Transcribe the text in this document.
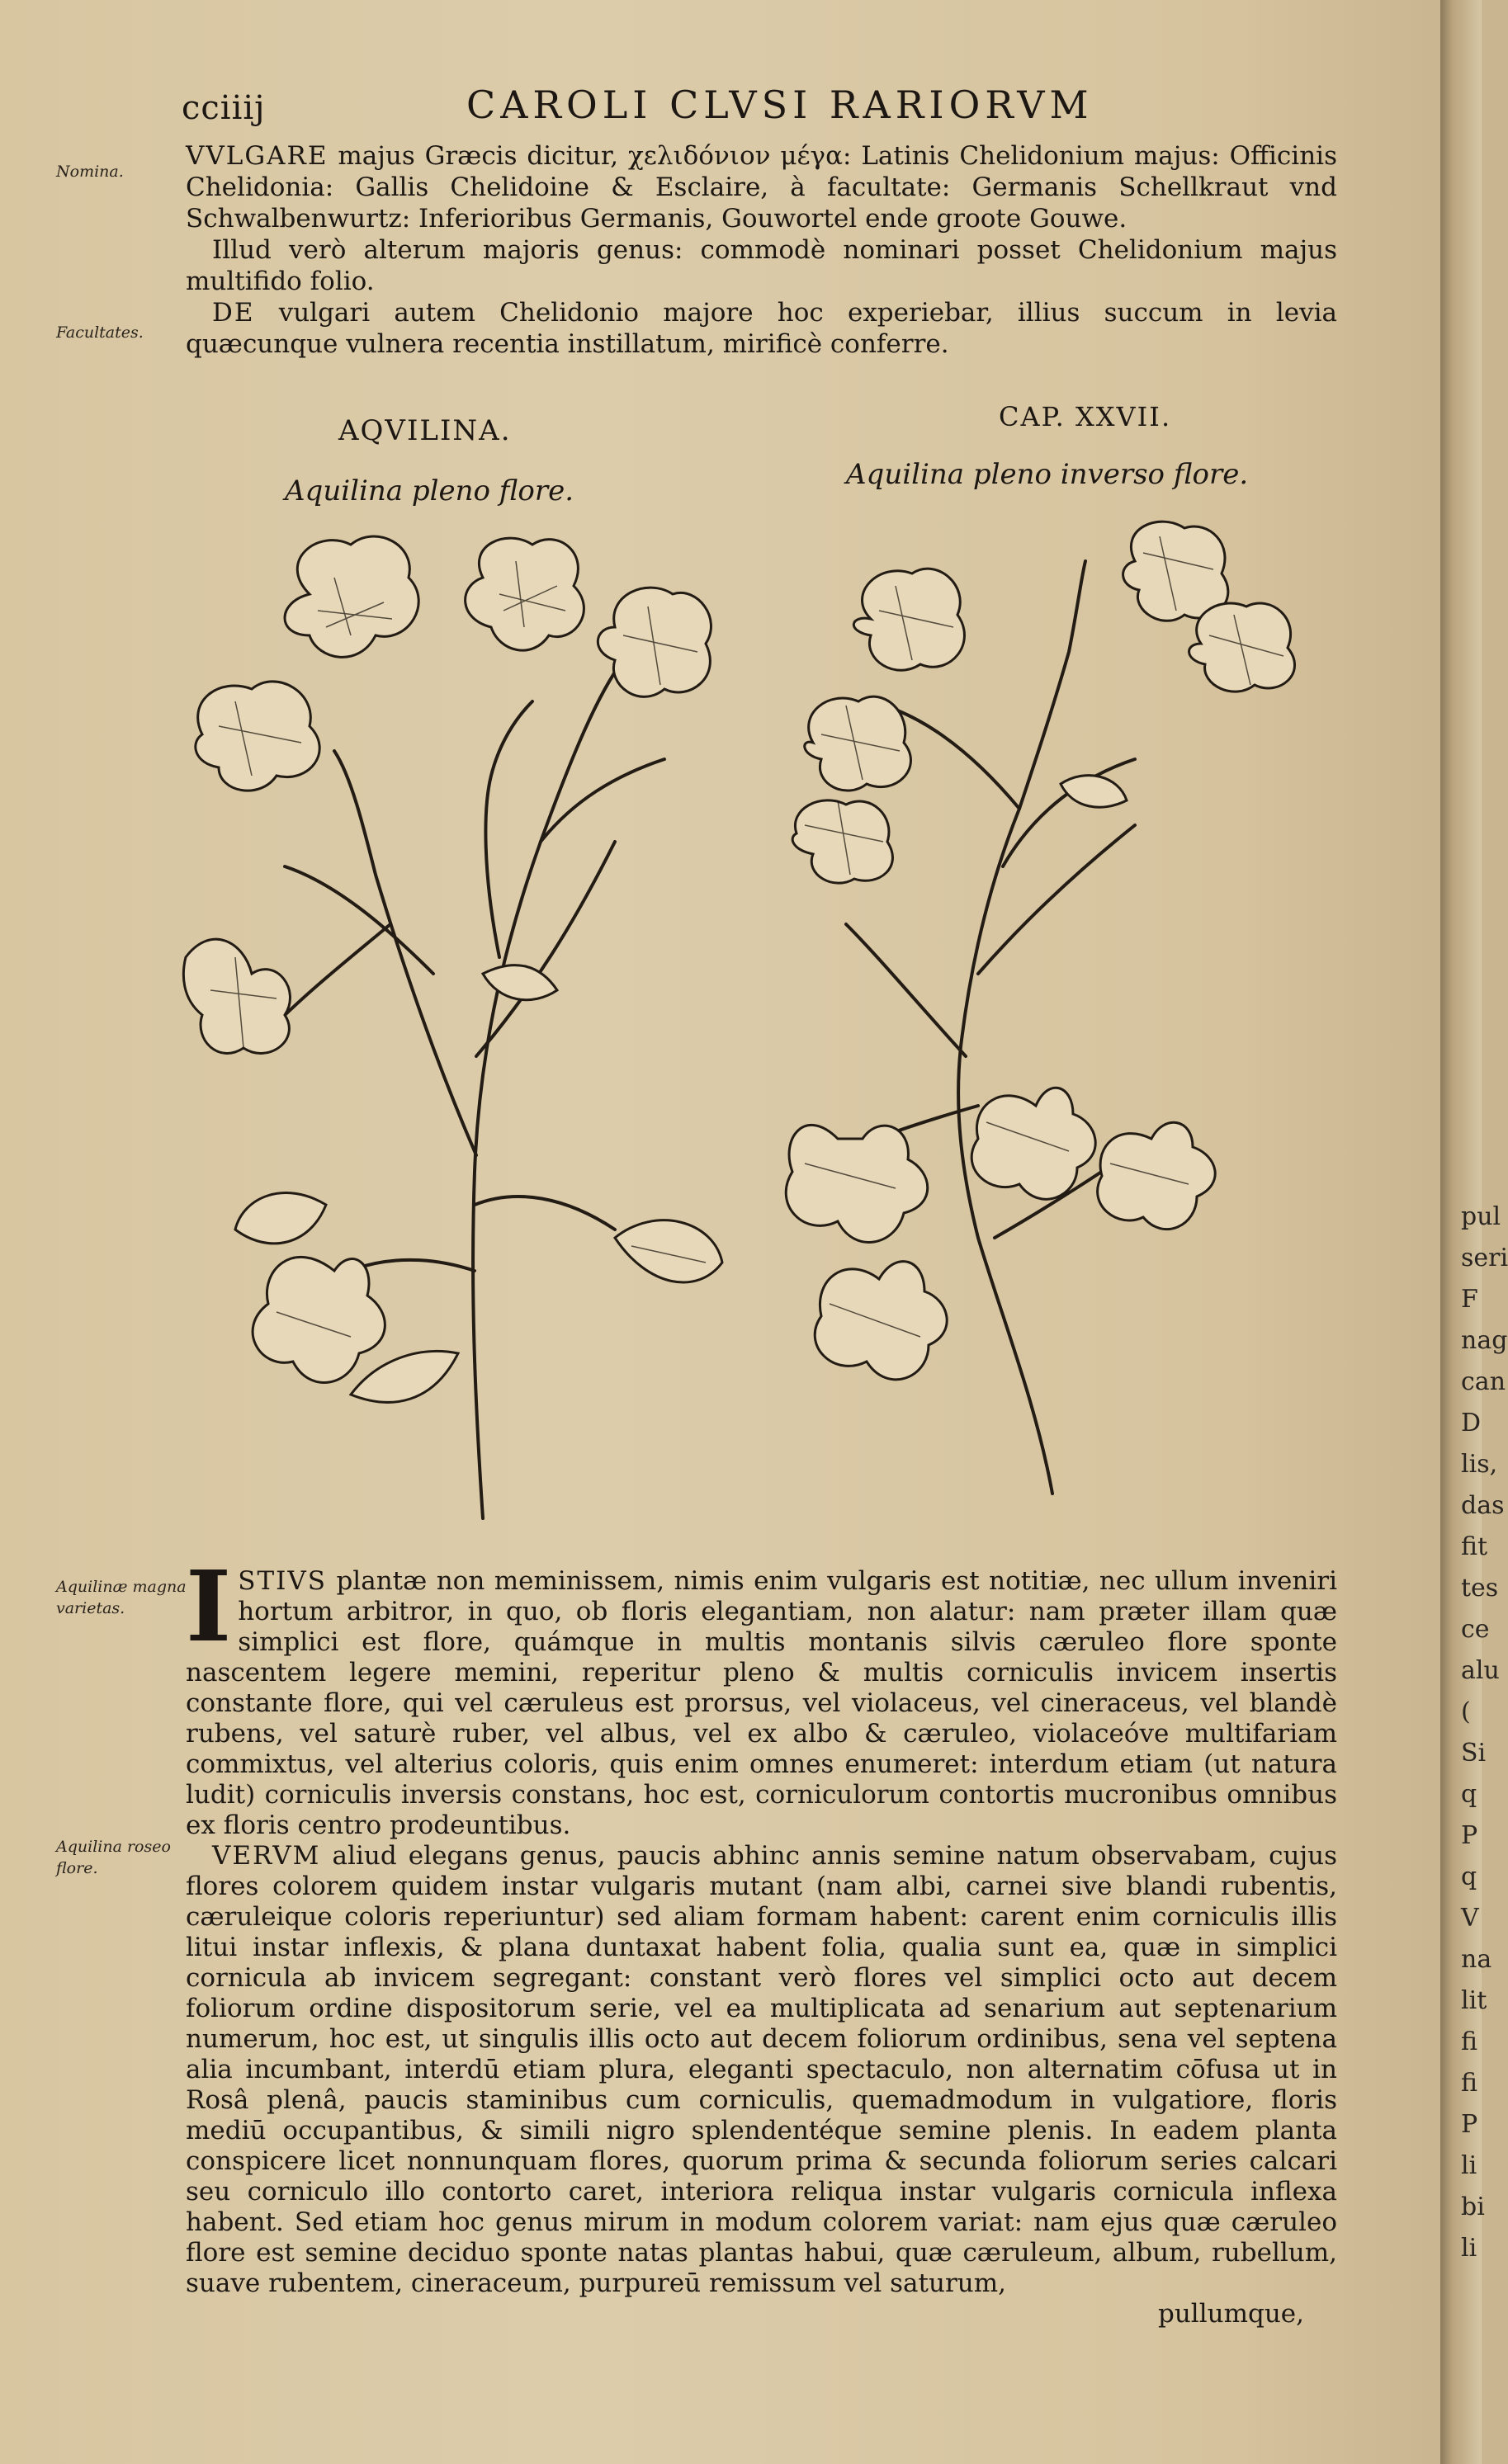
pul
seri
F
nag
can
D
lis,
das
fit
tes
ce
alu
(
Si
q
P
q
V
na
lit
fi
fi
P
li
bi
li
cciiij	CAROLI CLVSI RARIORVM
Nomina.
Facultates.

VVLGARE majus Græcis dicitur, χελιδόνιον μέγα: Latinis Chelidonium majus: Officinis Chelidonia: Gallis Chelidoine & Esclaire, à facultate: Germanis Schellkraut vnd Schwalbenwurtz: Inferioribus Germanis, Gouwortel ende groote Gouwe.

Illud verò alterum majoris genus: commodè nominari posset Chelidonium majus multifido folio.

DE vulgari autem Chelidonio majore hoc experiebar, illius succum in levia quæcunque vulnera recentia instillatum, mirificè conferre.

AQVILINA.	CAP. XXVII.
Aquilina pleno flore.	Aquilina pleno inverso flore.
Aquilinæ magna varietas.
Aquilina roseo flore.

ISTIVS plantæ non meminissem, nimis enim vulgaris est notitiæ, nec ullum inveniri hortum arbitror, in quo, ob floris elegantiam, non alatur: nam præter illam quæ simplici est flore, quámque in multis montanis silvis cæruleo flore sponte nascentem legere memini, reperitur pleno & multis corniculis invicem insertis constante flore, qui vel cæruleus est prorsus, vel violaceus, vel cineraceus, vel blandè rubens, vel saturè ruber, vel albus, vel ex albo & cæruleo, violaceóve multifariam commixtus, vel alterius coloris, quis enim omnes enumeret: interdum etiam (ut natura ludit) corniculis inversis constans, hoc est, corniculorum contortis mucronibus omnibus ex floris centro prodeuntibus.

VERVM aliud elegans genus, paucis abhinc annis semine natum observabam, cujus flores colorem quidem instar vulgaris mutant (nam albi, carnei sive blandi rubentis, cæruleique coloris reperiuntur) sed aliam formam habent: carent enim corniculis illis litui instar inflexis, & plana duntaxat habent folia, qualia sunt ea, quæ in simplici cornicula ab invicem segregant: constant verò flores vel simplici octo aut decem foliorum ordine dispositorum serie, vel ea multiplicata ad senarium aut septenarium numerum, hoc est, ut singulis illis octo aut decem foliorum ordinibus, sena vel septena alia incumbant, interdū etiam plura, eleganti spectaculo, non alternatim cōfusa ut in Rosâ plenâ, paucis staminibus cum corniculis, quemadmodum in vulgatiore, floris mediū occupantibus, & simili nigro splendentéque semine plenis. In eadem planta conspicere licet nonnunquam flores, quorum prima & secunda foliorum series calcari seu corniculo illo contorto caret, interiora reliqua instar vulgaris cornicula inflexa habent. Sed etiam hoc genus mirum in modum colorem variat: nam ejus quæ cæruleo flore est semine deciduo sponte natas plantas habui, quæ cæruleum, album, rubellum, suave rubentem, cineraceum, purpureū remissum vel saturum,

pullumque,
